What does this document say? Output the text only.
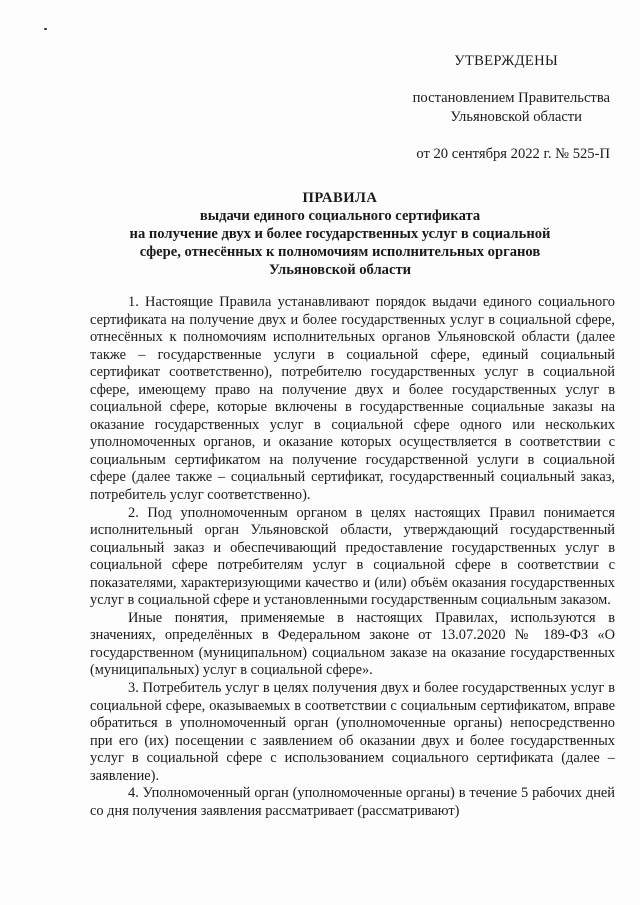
УТВЕРЖДЕНЫ
постановлением Правительства
Ульяновской области
от 20 сентября 2022 г. № 525-П
ПРАВИЛА
выдачи единого социального сертификата
на получение двух и более государственных услуг в социальной
сфере, отнесённых к полномочиям исполнительных органов
Ульяновской области

1. Настоящие Правила устанавливают порядок выдачи единого социального сертификата на получение двух и более государственных услуг в социальной сфере, отнесённых к полномочиям исполнительных органов Ульяновской области (далее также – государственные услуги в социальной сфере, единый социальный сертификат соответственно), потребителю государственных услуг в социальной сфере, имеющему право на получение двух и более государственных услуг в социальной сфере, которые включены в государственные социальные заказы на оказание государственных услуг в социальной сфере одного или нескольких уполномоченных органов, и оказание которых осуществляется в соответствии с социальным сертификатом на получение государственной услуги в социальной сфере (далее также – социальный сертификат, государственный социальный заказ, потребитель услуг соответственно).

2. Под уполномоченным органом в целях настоящих Правил понимается исполнительный орган Ульяновской области, утверждающий государственный социальный заказ и обеспечивающий предоставление государственных услуг в социальной сфере потребителям услуг в социальной сфере в соответствии с показателями, характеризующими качество и (или) объём оказания государственных услуг в социальной сфере и установленными государственным социальным заказом.

Иные понятия, применяемые в настоящих Правилах, используются в значениях, определённых в Федеральном законе от 13.07.2020 № 189-ФЗ «О государственном (муниципальном) социальном заказе на оказание государственных (муниципальных) услуг в социальной сфере».

3. Потребитель услуг в целях получения двух и более государственных услуг в социальной сфере, оказываемых в соответствии с социальным сертификатом, вправе обратиться в уполномоченный орган (уполномоченные органы) непосредственно при его (их) посещении с заявлением об оказании двух и более государственных услуг в социальной сфере с использованием социального сертификата (далее – заявление).

4. Уполномоченный орган (уполномоченные органы) в течение 5 рабочих дней со дня получения заявления рассматривает (рассматривают)
